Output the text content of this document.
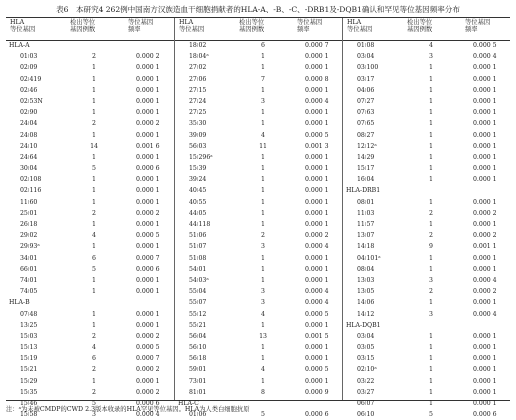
表6　本研究4 262例中国南方汉族造血干细胞捐献者的HLA-A、-B、-C、-DRB1及-DQB1确认和罕见等位基因频率分布
HLA
等位基因
检出等位
基因例数
等位基因
频率
HLA-A
01∶03	2	0.000 2
02∶09	1	0.000 1
02∶419	1	0.000 1
02∶46	1	0.000 1
02∶53N	1	0.000 1
02∶90	1	0.000 1
24∶04	2	0.000 2
24∶08	1	0.000 1
24∶10	14	0.001 6
24∶64	1	0.000 1
30∶04	5	0.000 6
02∶108	1	0.000 1
02∶116	1	0.000 1
11∶60	1	0.000 1
25∶01	2	0.000 2
26∶18	1	0.000 1
29∶02	4	0.000 5
29∶93ᵃ	1	0.000 1
34∶01	6	0.000 7
66∶01	5	0.000 6
74∶01	1	0.000 1
74∶05	1	0.000 1
HLA-B
07∶48	1	0.000 1
13∶25	1	0.000 1
15∶03	2	0.000 2
15∶13	4	0.000 5
15∶19	6	0.000 7
15∶21	2	0.000 2
15∶29	1	0.000 1
15∶35	2	0.000 2
15∶46	5	0.000 6
15∶58	3	0.000 4
HLA
等位基因
检出等位
基因例数
等位基因
频率
18∶02	6	0.000 7
18∶04ᵃ	1	0.000 1
27∶02	1	0.000 1
27∶06	7	0.000 8
27∶15	1	0.000 1
27∶24	3	0.000 4
27∶25	1	0.000 1
35∶30	1	0.000 1
39∶09	4	0.000 5
56∶03	11	0.001 3
15∶296ᵃ	1	0.000 1
15∶39	1	0.000 1
39∶24	1	0.000 1
40∶45	1	0.000 1
40∶55	1	0.000 1
44∶05	1	0.000 1
44∶118	1	0.000 1
51∶06	2	0.000 2
51∶07	3	0.000 4
51∶08	1	0.000 1
54∶01	1	0.000 1
54∶03ᵃ	1	0.000 1
55∶04	3	0.000 4
55∶07	3	0.000 4
55∶12	4	0.000 5
55∶21	1	0.000 1
56∶04	13	0.001 5
56∶10	1	0.000 1
56∶18	1	0.000 1
59∶01	4	0.000 5
73∶01	1	0.000 1
81∶01	8	0.000 9
HLA-C
01∶06	5	0.000 6
HLA
等位基因
检出等位
基因例数
等位基因
频率
01∶08	4	0.000 5
03∶04	3	0.000 4
03∶100	1	0.000 1
03∶17	1	0.000 1
04∶06	1	0.000 1
07∶27	1	0.000 1
07∶63	1	0.000 1
07∶65	1	0.000 1
08∶27	1	0.000 1
12∶12ᵃ	1	0.000 1
14∶29	1	0.000 1
15∶17	1	0.000 1
16∶04	1	0.000 1
HLA-DRB1
08∶01	1	0.000 1
11∶03	2	0.000 2
11∶57	1	0.000 1
13∶07	2	0.000 2
14∶18	9	0.001 1
04∶101ᵃ	1	0.000 1
08∶04	1	0.000 1
13∶03	3	0.000 4
13∶05	2	0.000 2
14∶06	1	0.000 1
14∶12	3	0.000 4
HLA-DQB1
03∶04	1	0.000 1
03∶05	1	0.000 1
03∶15	1	0.000 1
02∶10ᵃ	1	0.000 1
03∶22	1	0.000 1
03∶27	1	0.000 1
06∶07	1	0.000 1
06∶10	5	0.000 6
注：ᵃ为未被CMDP的CWD 2.3版本收录的HLA罕见等位基因。HLA为人类白细胞抗原
